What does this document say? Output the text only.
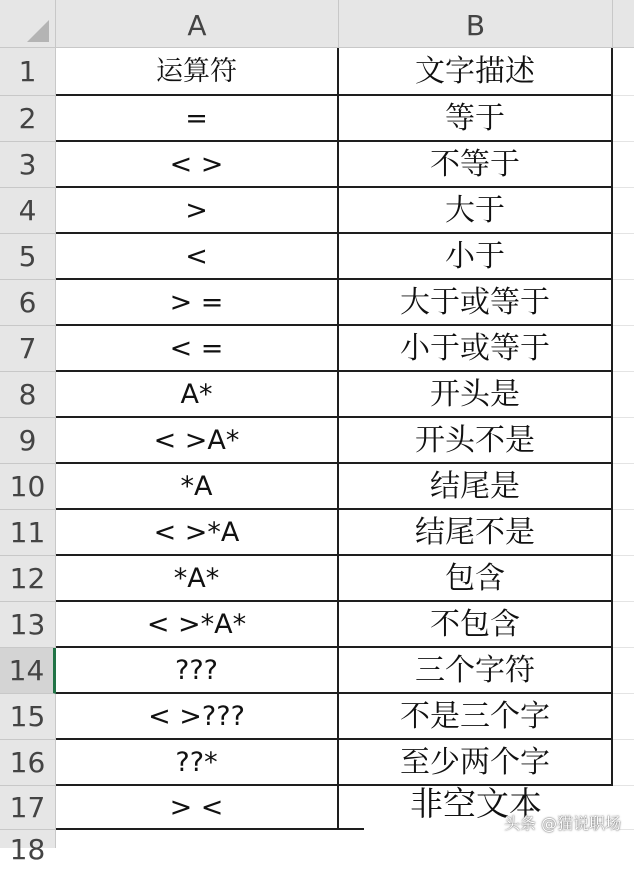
A	B
1	运算符	文字描述
2	=	等于
3	< >	不等于
4	>	大于
5	<	小于
6	> =	大于或等于
7	< =	小于或等于
8	A*	开头是
9	< >A*	开头不是
10	*A	结尾是
11	< >*A	结尾不是
12	*A*	包含
13	< >*A*	不包含
14	???	三个字符
15	< >???	不是三个字
16	??*	至少两个字
17	> <	非空文本
18
头条 @猫说职场
